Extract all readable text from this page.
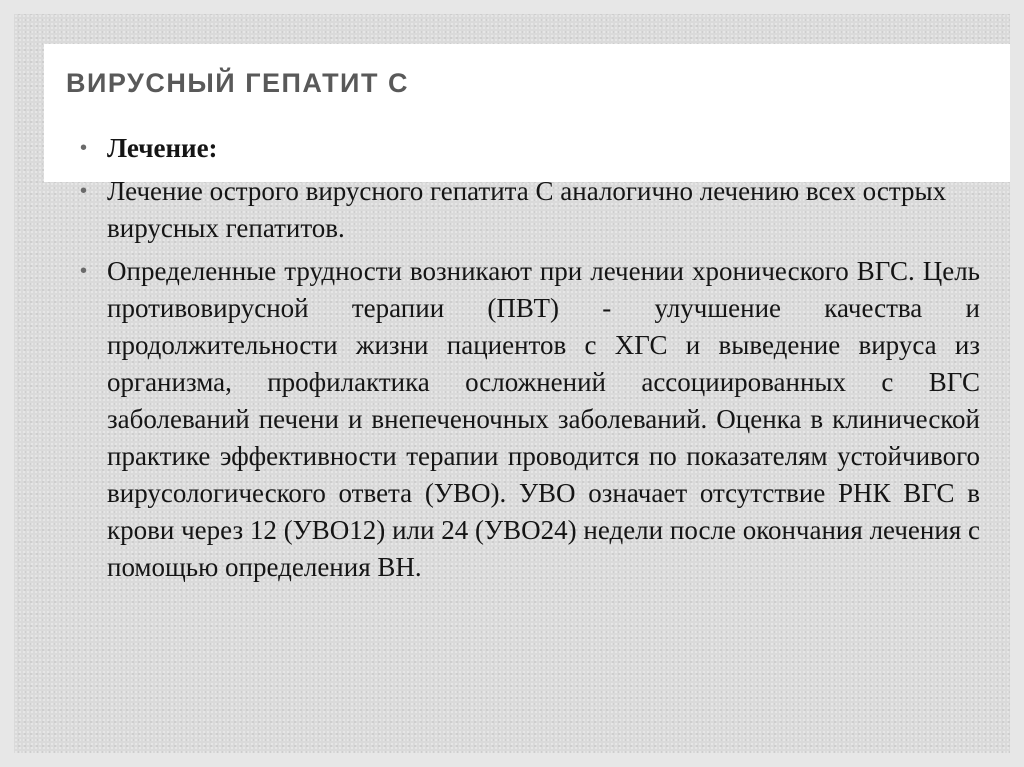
ВИРУСНЫЙ ГЕПАТИТ С
• Лечение:
• Лечение острого вирусного гепатита С аналогично лечению всех острых вирусных гепатитов.
• Определенные трудности возникают при лечении хронического ВГС. Цель противовирусной терапии (ПВТ) - улучшение качества и продолжительности жизни пациентов с ХГС и выведение вируса из организма, профилактика осложнений ассоциированных с ВГС заболеваний печени и внепеченочных заболеваний. Оценка в клинической практике эффективности терапии проводится по показателям устойчивого вирусологического ответа (УВО). УВО означает отсутствие РНК ВГС в крови через 12 (УВО12) или 24 (УВО24) недели после окончания лечения с помощью определения ВН.
